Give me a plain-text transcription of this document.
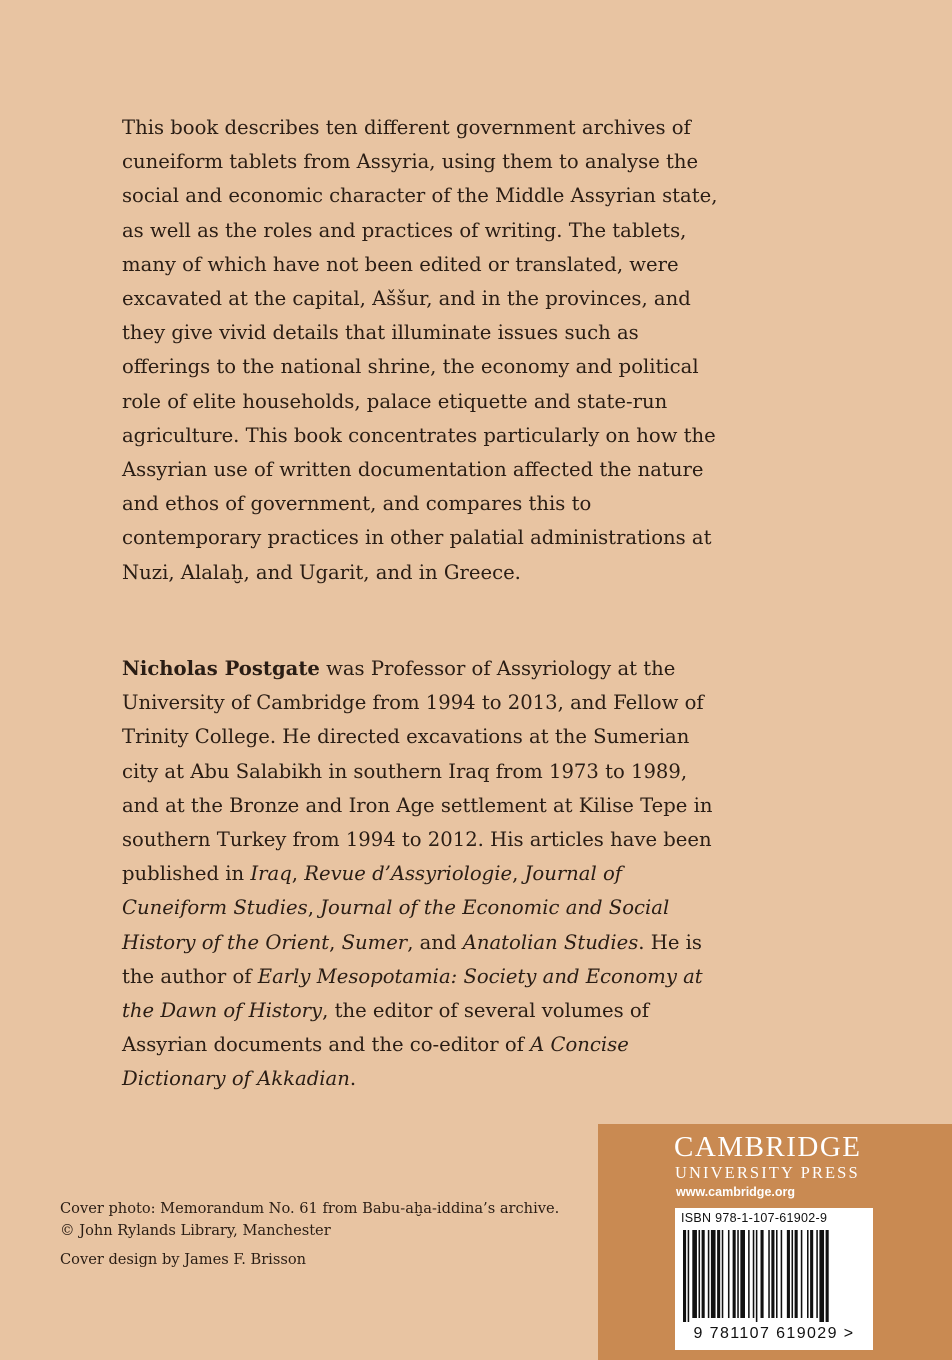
This book describes ten different government archives of cuneiform tablets from Assyria, using them to analyse the social and economic character of the Middle Assyrian state, as well as the roles and practices of writing. The tablets, many of which have not been edited or translated, were excavated at the capital, Aššur, and in the provinces, and they give vivid details that illuminate issues such as offerings to the national shrine, the economy and political role of elite households, palace etiquette and state-run agriculture. This book concentrates particularly on how the Assyrian use of written documentation affected the nature and ethos of government, and compares this to contemporary practices in other palatial administrations at Nuzi, Alalaḫ, and Ugarit, and in Greece.

Nicholas Postgate was Professor of Assyriology at the University of Cambridge from 1994 to 2013, and Fellow of Trinity College. He directed excavations at the Sumerian city at Abu Salabikh in southern Iraq from 1973 to 1989, and at the Bronze and Iron Age settlement at Kilise Tepe in southern Turkey from 1994 to 2012. His articles have been published in Iraq, Revue d’Assyriologie, Journal of Cuneiform Studies, Journal of the Economic and Social History of the Orient, Sumer, and Anatolian Studies. He is the author of Early Mesopotamia: Society and Economy at the Dawn of History, the editor of several volumes of Assyrian documents and the co-editor of A Concise Dictionary of Akkadian.

Cover photo: Memorandum No. 61 from Babu-aḫa-iddina’s archive.

© John Rylands Library, Manchester

Cover design by James F. Brisson

CAMBRIDGE
UNIVERSITY PRESS
www.cambridge.org
ISBN 978-1-107-61902-9
9 781107 619029 >
